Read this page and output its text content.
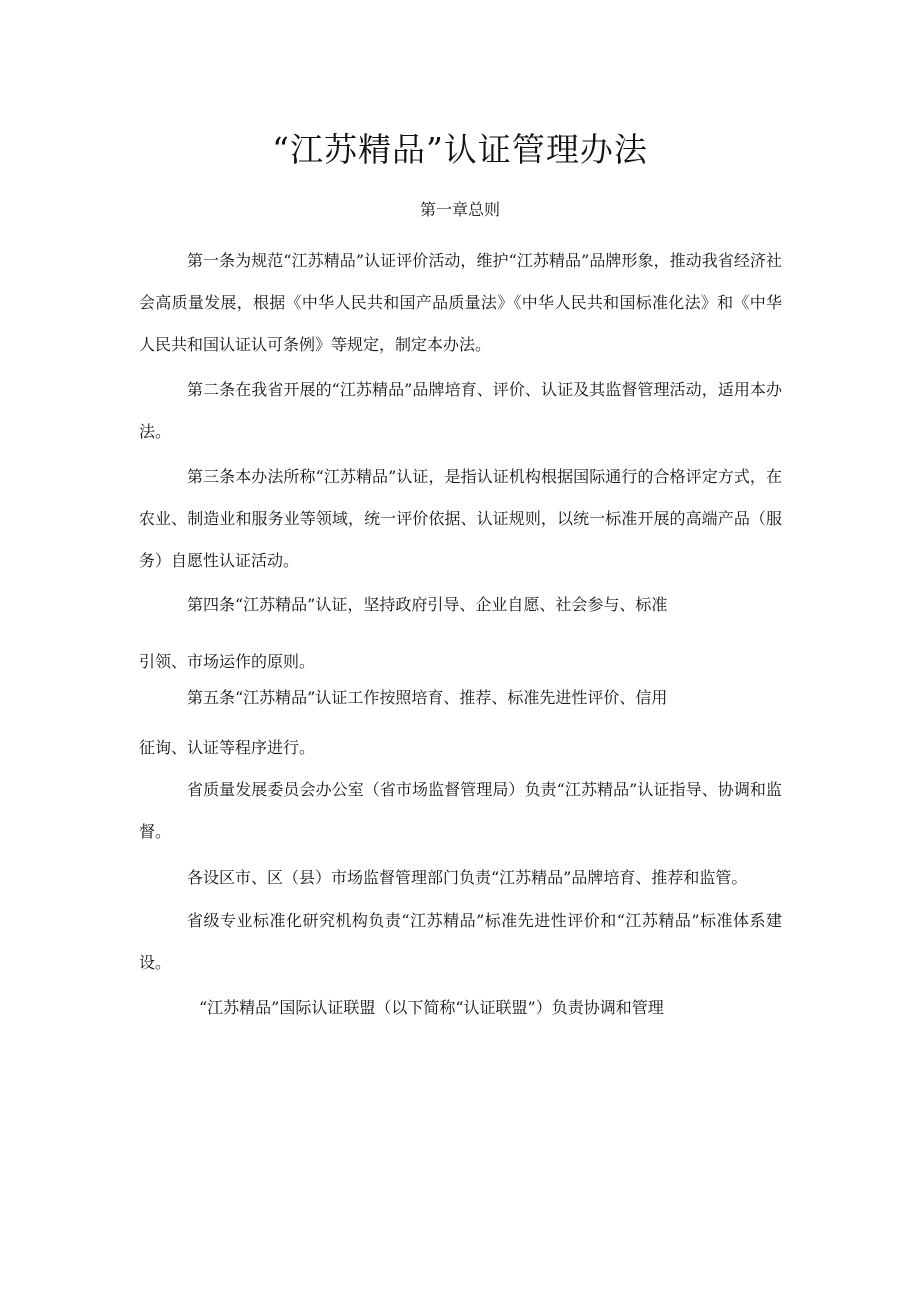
“江苏精品”认证管理办法
第一章总则

第一条为规范“江苏精品”认证评价活动，维护“江苏精品”品牌形象，推动我省经济社会高质量发展，根据《中华人民共和国产品质量法》《中华人民共和国标准化法》和《中华人民共和国认证认可条例》等规定，制定本办法。

第二条在我省开展的“江苏精品”品牌培育、评价、认证及其监督管理活动，适用本办法。

第三条本办法所称“江苏精品”认证，是指认证机构根据国际通行的合格评定方式，在农业、制造业和服务业等领域，统一评价依据、认证规则，以统一标准开展的高端产品（服务）自愿性认证活动。

第四条“江苏精品”认证，坚持政府引导、企业自愿、社会参与、标准

引领、市场运作的原则。

第五条“江苏精品”认证工作按照培育、推荐、标准先进性评价、信用

征询、认证等程序进行。

省质量发展委员会办公室（省市场监督管理局）负责“江苏精品”认证指导、协调和监督。

各设区市、区（县）市场监督管理部门负责“江苏精品”品牌培育、推荐和监管。

省级专业标准化研究机构负责“江苏精品”标准先进性评价和“江苏精品”标准体系建设。

“江苏精品”国际认证联盟（以下简称“认证联盟”）负责协调和管理
